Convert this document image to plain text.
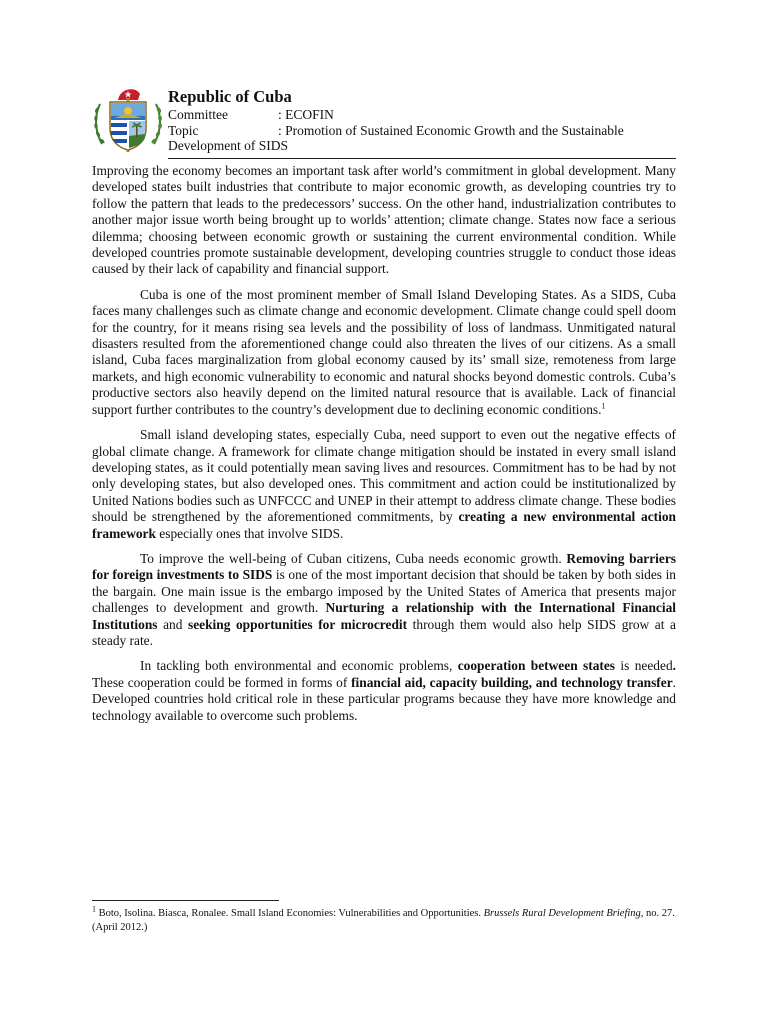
Republic of Cuba
Committee	: ECOFIN
Topic	: Promotion of Sustained Economic Growth and the Sustainable
Development of SIDS

Improving the economy becomes an important task after world’s commitment in global development. Many developed states built industries that contribute to major economic growth, as developing countries try to follow the pattern that leads to the predecessors’ success. On the other hand, industrialization contributes to another major issue worth being brought up to worlds’ attention; climate change. States now face a serious dilemma; choosing between economic growth or sustaining the current environmental condition. While developed countries promote sustainable development, developing countries struggle to conduct those ideas caused by their lack of capability and financial support.

Cuba is one of the most prominent member of Small Island Developing States. As a SIDS, Cuba faces many challenges such as climate change and economic development. Climate change could spell doom for the country, for it means rising sea levels and the possibility of loss of landmass. Unmitigated natural disasters resulted from the aforementioned change could also threaten the lives of our citizens. As a small island, Cuba faces marginalization from global economy caused by its’ small size, remoteness from large markets, and high economic vulnerability to economic and natural shocks beyond domestic controls. Cuba’s productive sectors also heavily depend on the limited natural resource that is available. Lack of financial support further contributes to the country’s development due to declining economic conditions.$^1$

Small island developing states, especially Cuba, need support to even out the negative effects of global climate change. A framework for climate change mitigation should be instated in every small island developing states, as it could potentially mean saving lives and resources. Commitment has to be had by not only developing states, but also developed ones. This commitment and action could be institutionalized by United Nations bodies such as UNFCCC and UNEP in their attempt to address climate change. These bodies should be strengthened by the aforementioned commitments, by creating a new environmental action framework especially ones that involve SIDS.

To improve the well-being of Cuban citizens, Cuba needs economic growth. Removing barriers for foreign investments to SIDS is one of the most important decision that should be taken by both sides in the bargain. One main issue is the embargo imposed by the United States of America that presents major challenges to development and growth. Nurturing a relationship with the International Financial Institutions and seeking opportunities for microcredit through them would also help SIDS grow at a steady rate.

In tackling both environmental and economic problems, cooperation between states is needed. These cooperation could be formed in forms of financial aid, capacity building, and technology transfer. Developed countries hold critical role in these particular programs because they have more knowledge and technology available to overcome such problems.

$^1$ Boto, Isolina. Biasca, Ronalee. Small Island Economies: Vulnerabilities and Opportunities. Brussels Rural Development Briefing, no. 27. (April 2012.)
